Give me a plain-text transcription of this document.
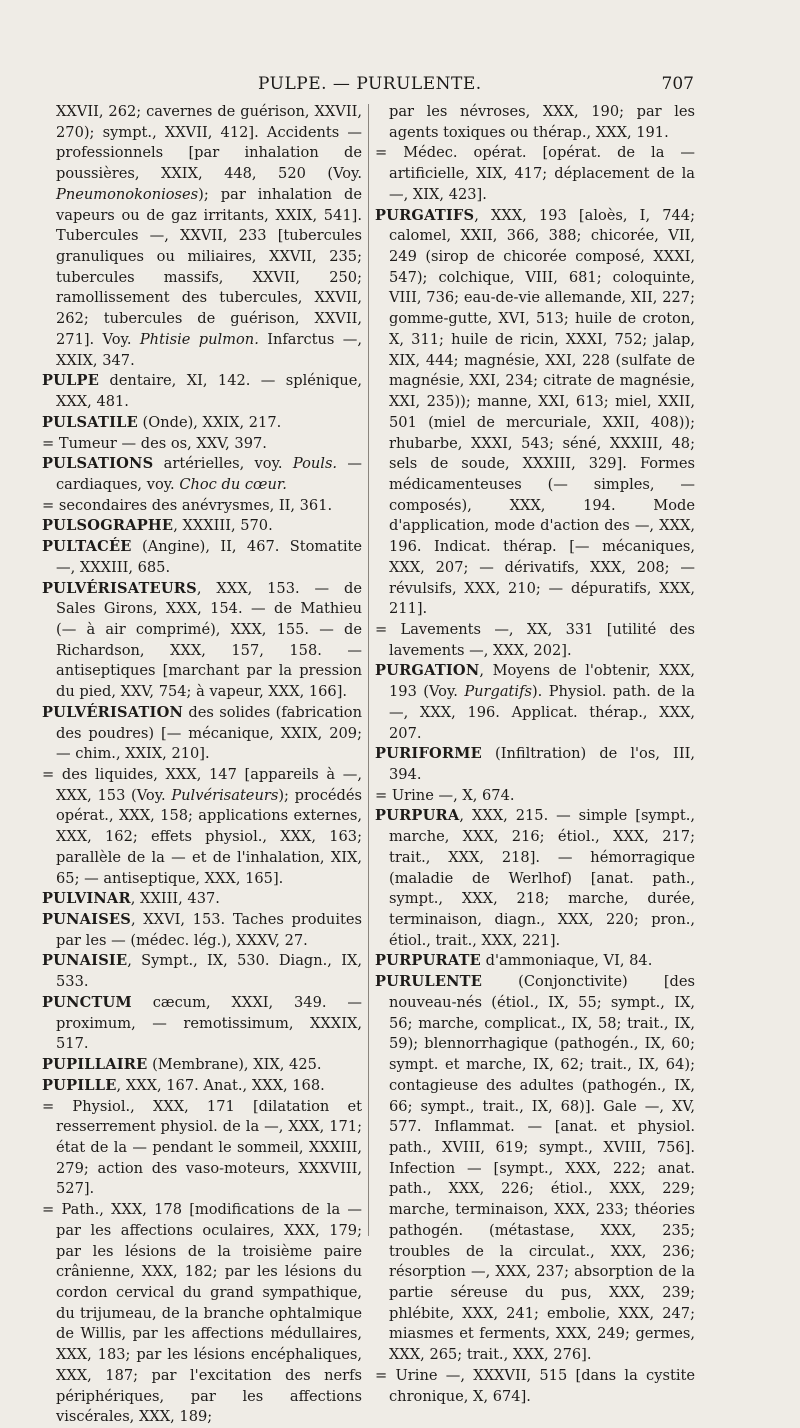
PULPE. — PURULENTE.	707

XXVII, 262; cavernes de guérison, XXVII, 270); sympt., XXVII, 412]. Accidents — professionnels [par inhalation de poussières, XXIX, 448, 520 (Voy. Pneumonokonioses); par inhalation de vapeurs ou de gaz irritants, XXIX, 541]. Tubercules —, XXVII, 233 [tubercules granuliques ou miliaires, XXVII, 235; tubercules massifs, XXVII, 250; ramollissement des tubercules, XXVII, 262; tubercules de guérison, XXVII, 271]. Voy. Phtisie pulmon. Infarctus —, XXIX, 347.

PULPE dentaire, XI, 142. — splénique, XXX, 481.

PULSATILE (Onde), XXIX, 217.

= Tumeur — des os, XXV, 397.

PULSATIONS artérielles, voy. Pouls. — cardiaques, voy. Choc du cœur.

= secondaires des anévrysmes, II, 361.

PULSOGRAPHE, XXXIII, 570.

PULTACÉE (Angine), II, 467. Stomatite —, XXXIII, 685.

PULVÉRISATEURS, XXX, 153. — de Sales Girons, XXX, 154. — de Mathieu (— à air comprimé), XXX, 155. — de Richardson, XXX, 157, 158. — antiseptiques [marchant par la pression du pied, XXV, 754; à vapeur, XXX, 166].

PULVÉRISATION des solides (fabrication des poudres) [— mécanique, XXIX, 209; — chim., XXIX, 210].

= des liquides, XXX, 147 [appareils à —, XXX, 153 (Voy. Pulvérisateurs); procédés opérat., XXX, 158; applications externes, XXX, 162; effets physiol., XXX, 163; parallèle de la — et de l'inhalation, XIX, 65; — antiseptique, XXX, 165].

PULVINAR, XXIII, 437.

PUNAISES, XXVI, 153. Taches produites par les — (médec. lég.), XXXV, 27.

PUNAISIE, Sympt., IX, 530. Diagn., IX, 533.

PUNCTUM cæcum, XXXI, 349. — proximum, — remotissimum, XXXIX, 517.

PUPILLAIRE (Membrane), XIX, 425.

PUPILLE, XXX, 167. Anat., XXX, 168.

= Physiol., XXX, 171 [dilatation et resserrement physiol. de la —, XXX, 171; état de la — pendant le sommeil, XXXIII, 279; action des vaso-moteurs, XXXVIII, 527].

= Path., XXX, 178 [modifications de la — par les affections oculaires, XXX, 179; par les lésions de la troisième paire crânienne, XXX, 182; par les lésions du cordon cervical du grand sympathique, du trijumeau, de la branche ophtalmique de Willis, par les affections médullaires, XXX, 183; par les lésions encéphaliques, XXX, 187; par l'excitation des nerfs périphériques, par les affections viscérales, XXX, 189;

par les névroses, XXX, 190; par les agents toxiques ou thérap., XXX, 191.

= Médec. opérat. [opérat. de la — artificielle, XIX, 417; déplacement de la —, XIX, 423].

PURGATIFS, XXX, 193 [aloès, I, 744; calomel, XXII, 366, 388; chicorée, VII, 249 (sirop de chicorée composé, XXXI, 547); colchique, VIII, 681; coloquinte, VIII, 736; eau-de-vie allemande, XII, 227; gomme-gutte, XVI, 513; huile de croton, X, 311; huile de ricin, XXXI, 752; jalap, XIX, 444; magnésie, XXI, 228 (sulfate de magnésie, XXI, 234; citrate de magnésie, XXI, 235)); manne, XXI, 613; miel, XXII, 501 (miel de mercuriale, XXII, 408)); rhubarbe, XXXI, 543; séné, XXXIII, 48; sels de soude, XXXIII, 329]. Formes médicamenteuses (— simples, — composés), XXX, 194. Mode d'application, mode d'action des —, XXX, 196. Indicat. thérap. [— mécaniques, XXX, 207; — dérivatifs, XXX, 208; — révulsifs, XXX, 210; — dépuratifs, XXX, 211].

= Lavements —, XX, 331 [utilité des lavements —, XXX, 202].

PURGATION, Moyens de l'obtenir, XXX, 193 (Voy. Purgatifs). Physiol. path. de la —, XXX, 196. Applicat. thérap., XXX, 207.

PURIFORME (Infiltration) de l'os, III, 394.

= Urine —, X, 674.

PURPURA, XXX, 215. — simple [sympt., marche, XXX, 216; étiol., XXX, 217; trait., XXX, 218]. — hémorragique (maladie de Werlhof) [anat. path., sympt., XXX, 218; marche, durée, terminaison, diagn., XXX, 220; pron., étiol., trait., XXX, 221].

PURPURATE d'ammoniaque, VI, 84.

PURULENTE (Conjonctivite) [des nouveau-nés (étiol., IX, 55; sympt., IX, 56; marche, complicat., IX, 58; trait., IX, 59); blennorrhagique (pathogén., IX, 60; sympt. et marche, IX, 62; trait., IX, 64); contagieuse des adultes (pathogén., IX, 66; sympt., trait., IX, 68)]. Gale —, XV, 577. Inflammat. — [anat. et physiol. path., XVIII, 619; sympt., XVIII, 756]. Infection — [sympt., XXX, 222; anat. path., XXX, 226; étiol., XXX, 229; marche, terminaison, XXX, 233; théories pathogén. (métastase, XXX, 235; troubles de la circulat., XXX, 236; résorption —, XXX, 237; absorption de la partie séreuse du pus, XXX, 239; phlébite, XXX, 241; embolie, XXX, 247; miasmes et ferments, XXX, 249; germes, XXX, 265; trait., XXX, 276].

= Urine —, XXXVII, 515 [dans la cystite chronique, X, 674].
